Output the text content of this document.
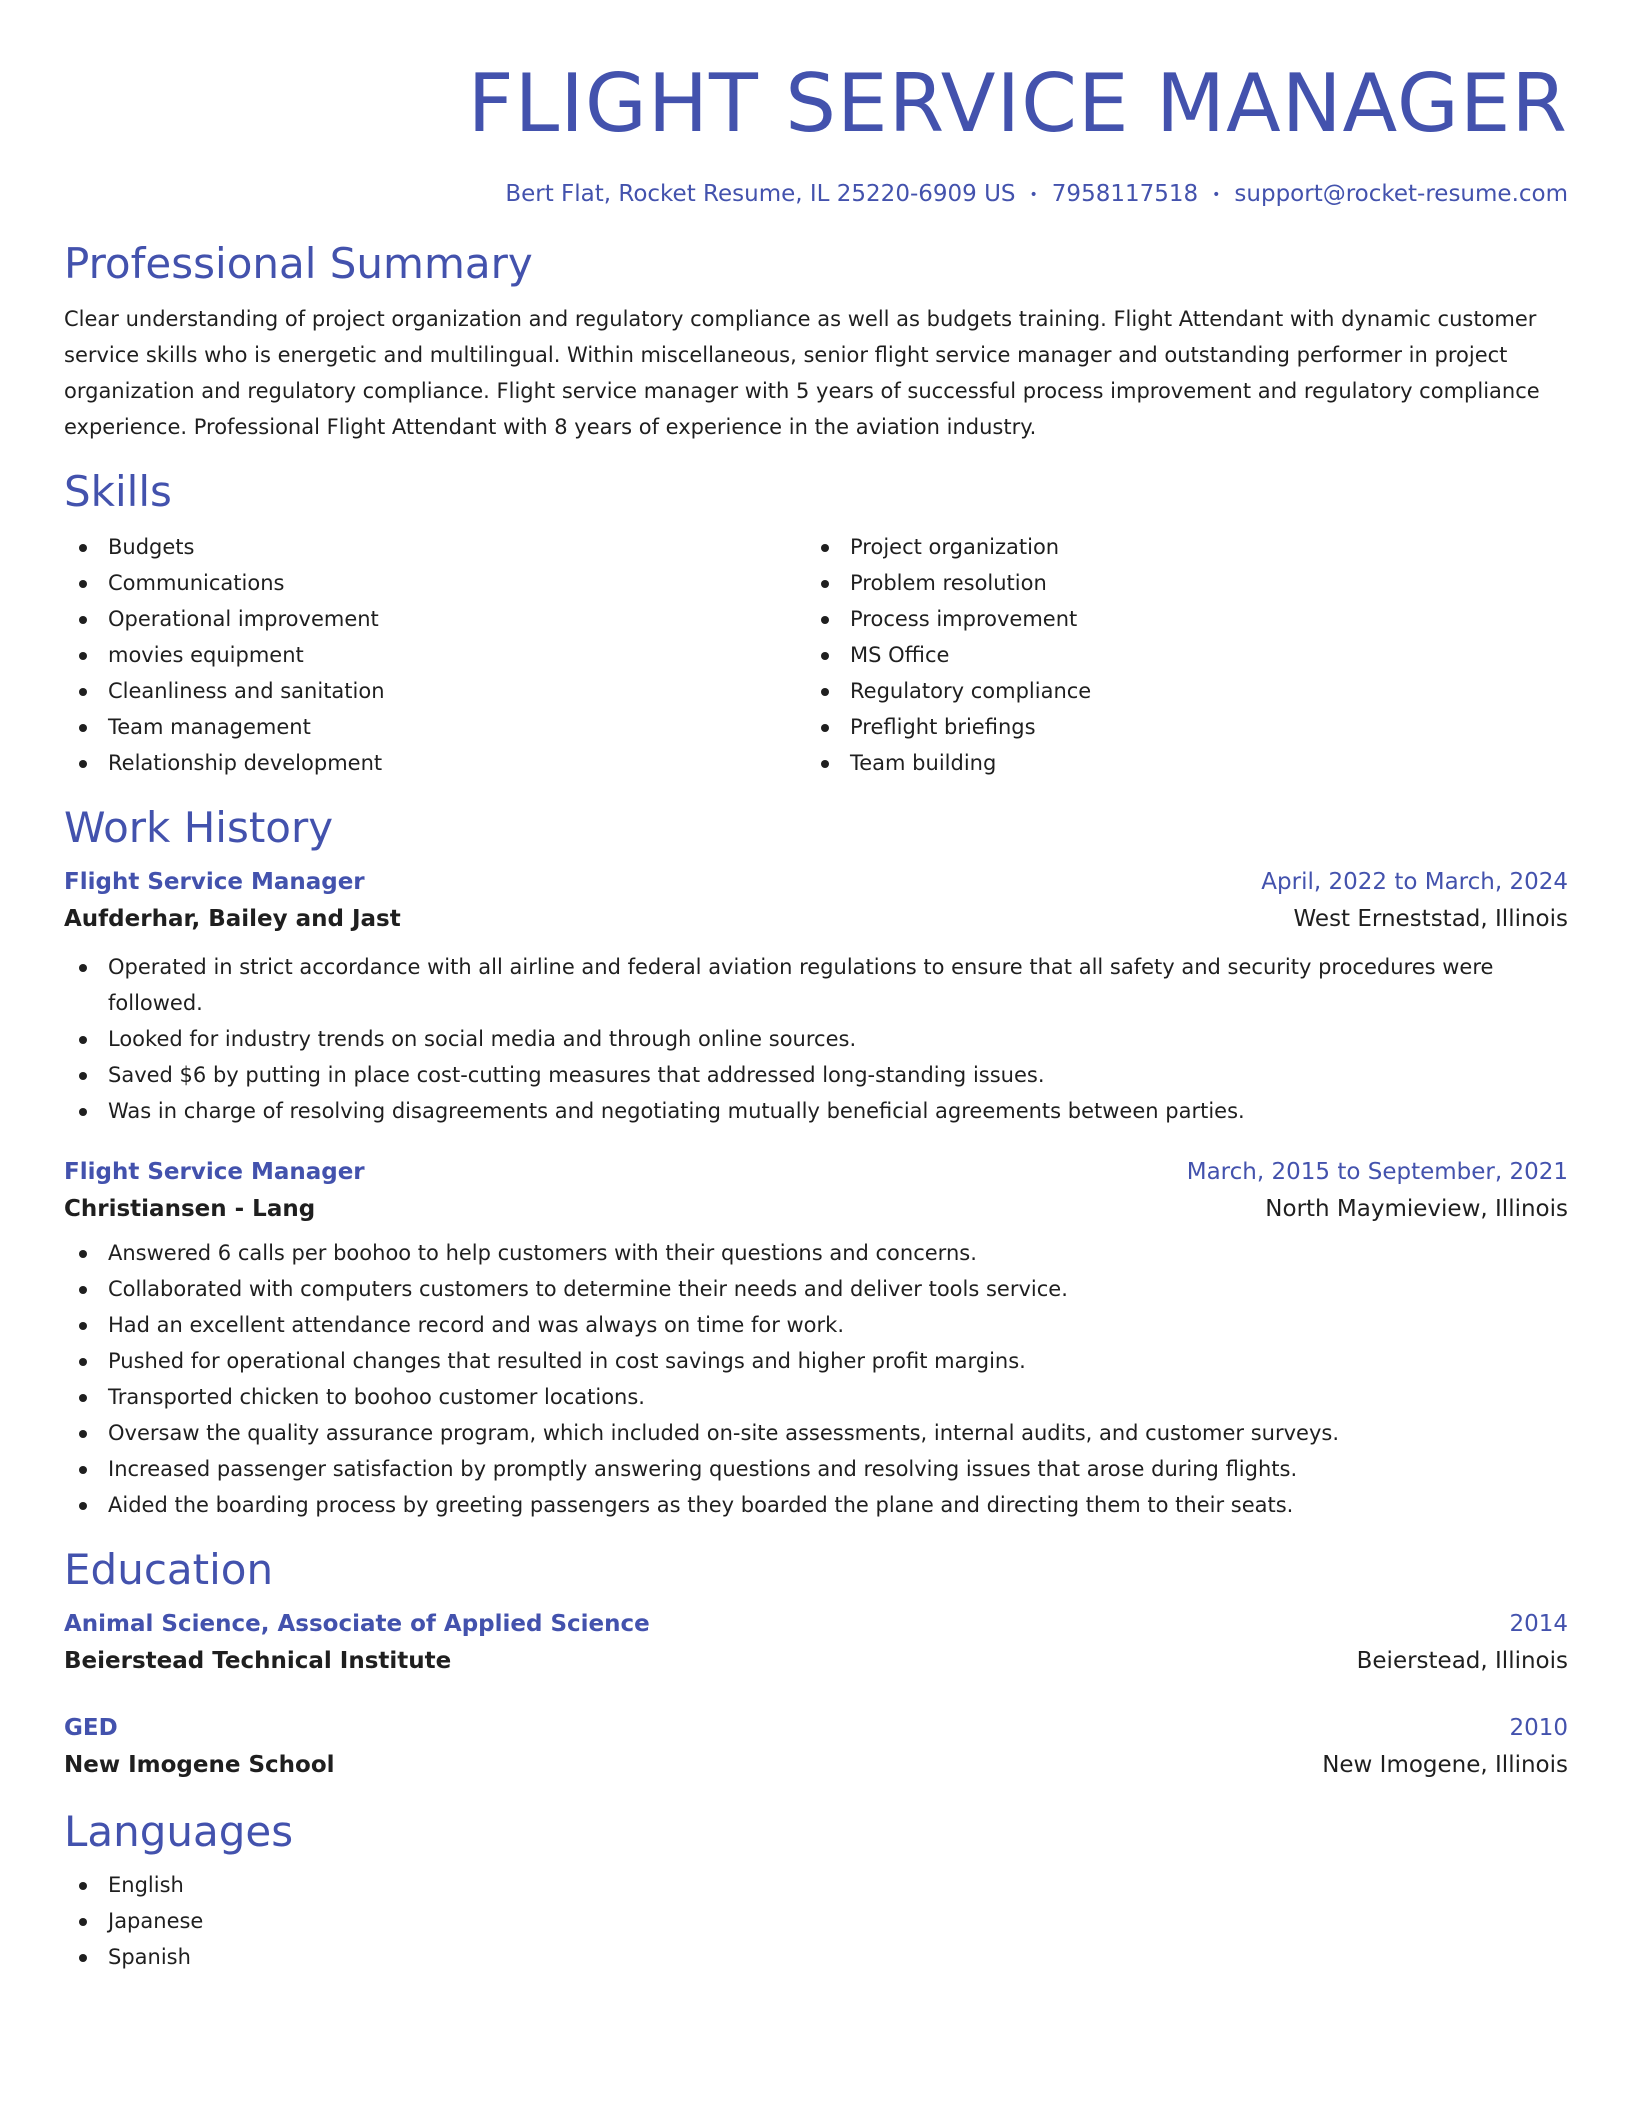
FLIGHT SERVICE MANAGER
Bert Flat, Rocket Resume, IL 25220-6909 US • 7958117518 • support@rocket-resume.com
Professional Summary

Clear understanding of project organization and regulatory compliance as well as budgets training. Flight Attendant with dynamic customer service skills who is energetic and multilingual. Within miscellaneous, senior flight service manager and outstanding performer in project organization and regulatory compliance. Flight service manager with 5 years of successful process improvement and regulatory compliance experience. Professional Flight Attendant with 8 years of experience in the aviation industry.

Skills
Budgets
Communications
Operational improvement
movies equipment
Cleanliness and sanitation
Team management
Relationship development
Project organization
Problem resolution
Process improvement
MS Office
Regulatory compliance
Preflight briefings
Team building
Work History
Flight Service Manager	April, 2022 to March, 2024
Aufderhar, Bailey and Jast	West Erneststad, Illinois
Operated in strict accordance with all airline and federal aviation regulations to ensure that all safety and security procedures were followed.
Looked for industry trends on social media and through online sources.
Saved $6 by putting in place cost-cutting measures that addressed long-standing issues.
Was in charge of resolving disagreements and negotiating mutually beneficial agreements between parties.
Flight Service Manager	March, 2015 to September, 2021
Christiansen - Lang	North Maymieview, Illinois
Answered 6 calls per boohoo to help customers with their questions and concerns.
Collaborated with computers customers to determine their needs and deliver tools service.
Had an excellent attendance record and was always on time for work.
Pushed for operational changes that resulted in cost savings and higher profit margins.
Transported chicken to boohoo customer locations.
Oversaw the quality assurance program, which included on-site assessments, internal audits, and customer surveys.
Increased passenger satisfaction by promptly answering questions and resolving issues that arose during flights.
Aided the boarding process by greeting passengers as they boarded the plane and directing them to their seats.
Education
Animal Science, Associate of Applied Science	2014
Beierstead Technical Institute	Beierstead, Illinois
GED	2010
New Imogene School	New Imogene, Illinois
Languages
English
Japanese
Spanish
